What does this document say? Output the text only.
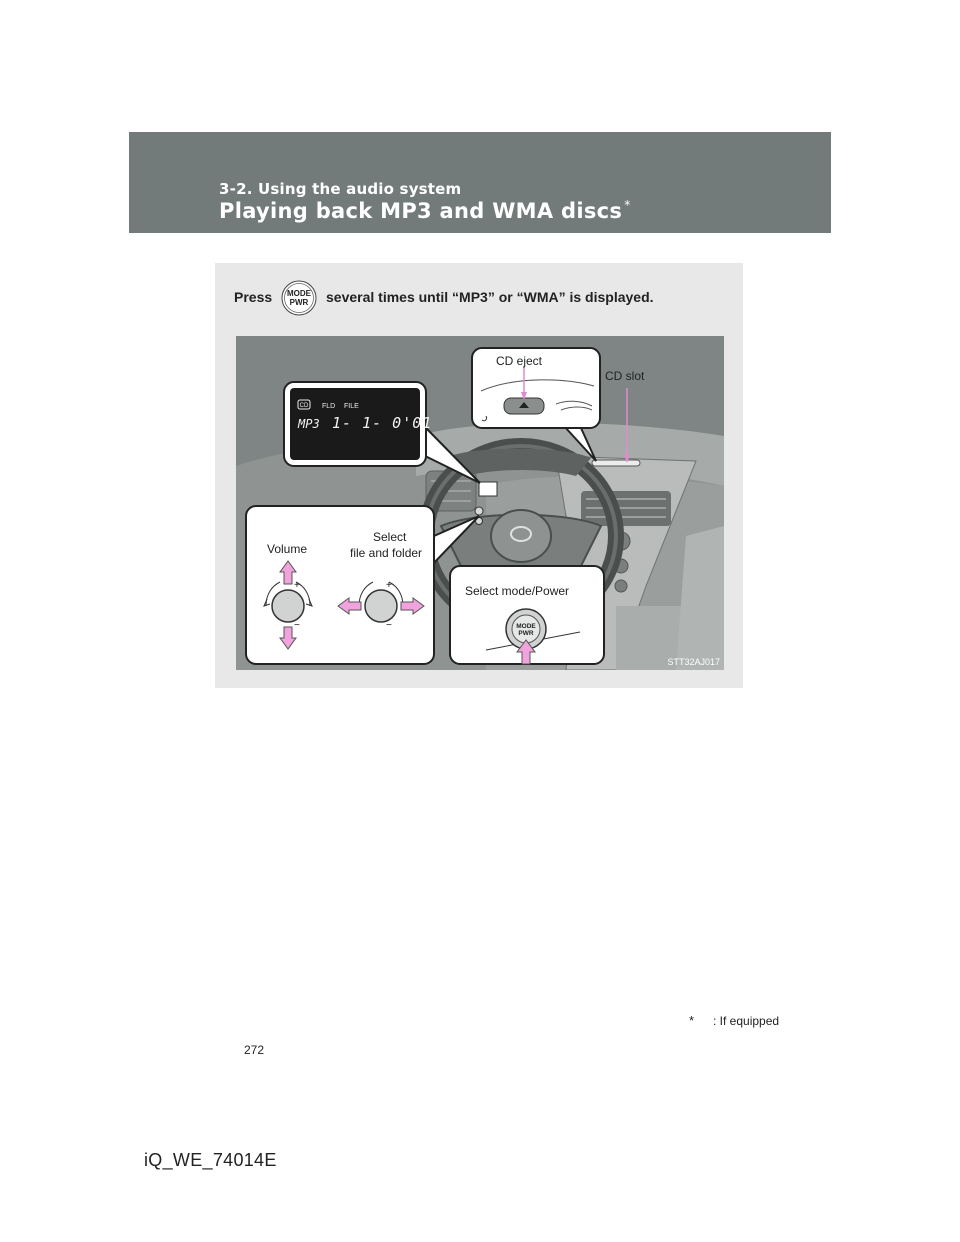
3-2. Using the audio system
Playing back MP3 and WMA discs *
Press MODE
PWR several times until “MP3” or “WMA” is displayed.
CD FLD FILE
MP3 1- 1- 0'01
+
−
+
−	MODE
PWR
CD eject
CD slot
Volume
Select
file and folder
Select mode/Power
STT32AJ017
* : If equipped
272
iQ_WE_74014E
